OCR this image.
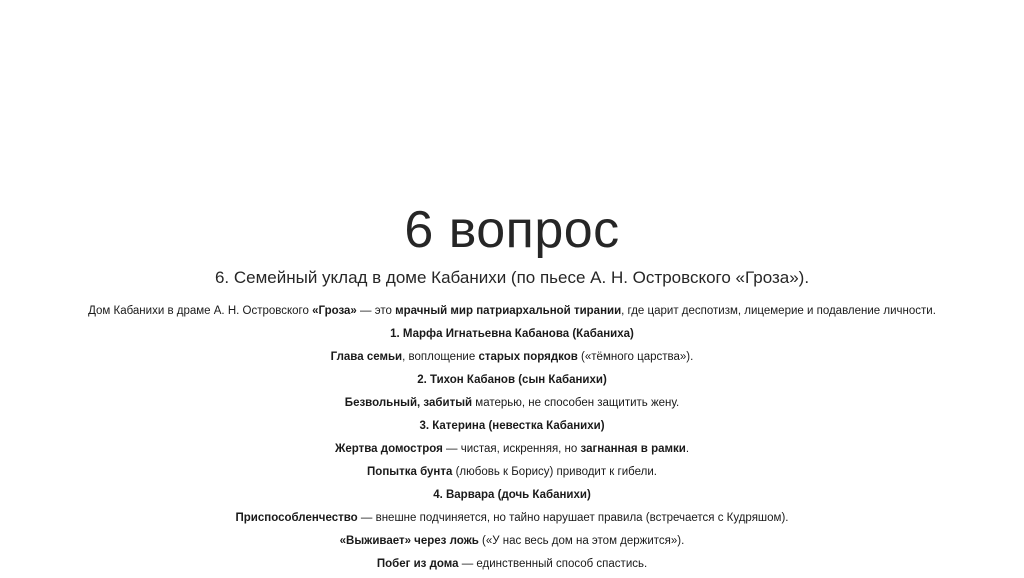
6 вопрос
6. Семейный уклад в доме Кабанихи (по пьесе А. Н. Островского «Гроза»).
Дом Кабанихи в драме А. Н. Островского «Гроза» — это мрачный мир патриархальной тирании, где царит деспотизм, лицемерие и подавление личности.
1. Марфа Игнатьевна Кабанова (Кабаниха)
Глава семьи, воплощение старых порядков («тёмного царства»).
2. Тихон Кабанов (сын Кабанихи)
Безвольный, забитый матерью, не способен защитить жену.
3. Катерина (невестка Кабанихи)
Жертва домостроя — чистая, искренняя, но загнанная в рамки.
Попытка бунта (любовь к Борису) приводит к гибели.
4. Варвара (дочь Кабанихи)
Приспособленчество — внешне подчиняется, но тайно нарушает правила (встречается с Кудряшом).
«Выживает» через ложь («У нас весь дом на этом держится»).
Побег из дома — единственный способ спастись.
